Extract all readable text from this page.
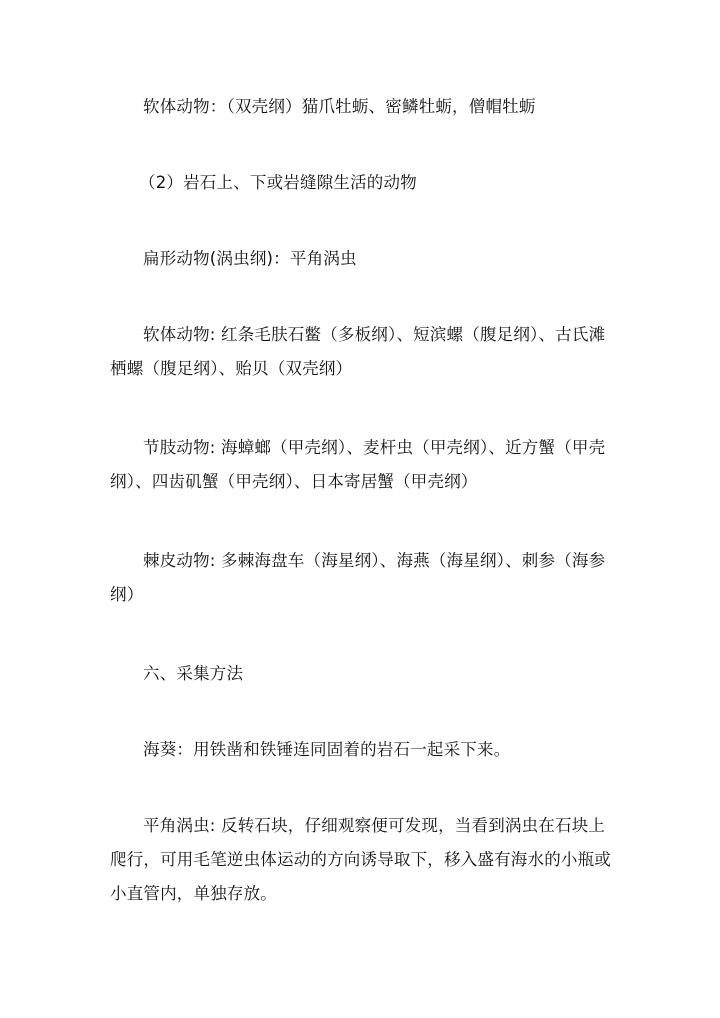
软体动物：（双壳纲）猫爪牡蛎、密鳞牡蛎，僧帽牡蛎

（2）岩石上、下或岩缝隙生活的动物

扁形动物(涡虫纲)：平角涡虫

软体动物: 红条毛肤石鳖（多板纲）、短滨螺（腹足纲）、古氏滩
栖螺（腹足纲）、贻贝（双壳纲）

节肢动物: 海蟑螂（甲壳纲）、麦杆虫（甲壳纲）、近方蟹（甲壳
纲）、四齿矶蟹（甲壳纲）、日本寄居蟹（甲壳纲）

棘皮动物: 多棘海盘车（海星纲）、海燕（海星纲）、刺参（海参
纲）

六、采集方法

海葵：用铁凿和铁锤连同固着的岩石一起采下来。

平角涡虫: 反转石块，仔细观察便可发现，当看到涡虫在石块上
爬行，可用毛笔逆虫体运动的方向诱导取下，移入盛有海水的小瓶或
小直管内，单独存放。
